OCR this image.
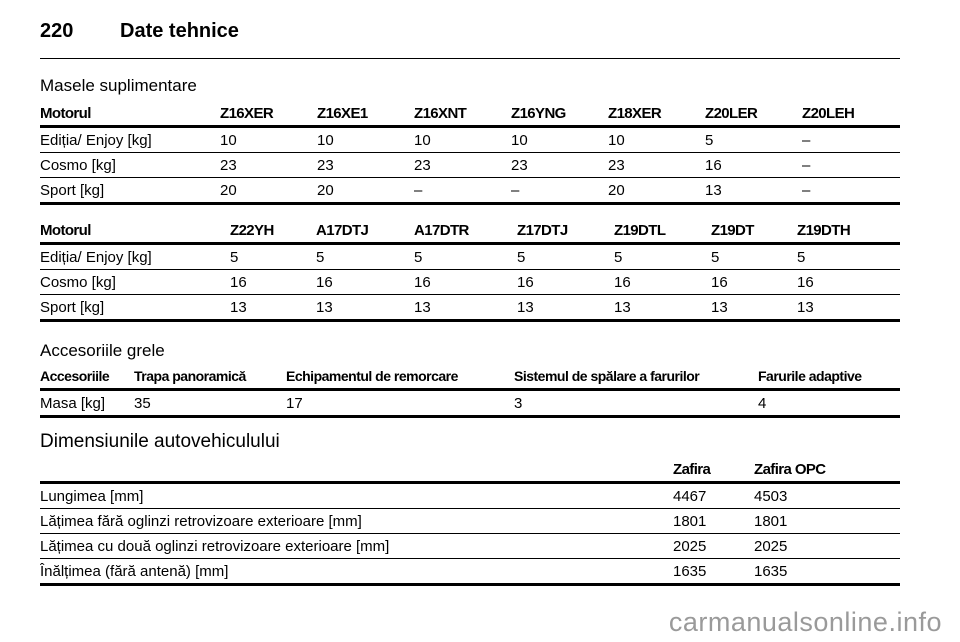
220 Date tehnice
Masele suplimentare
Motorul	Z16XER	Z16XE1	Z16XNT	Z16YNG	Z18XER	Z20LER	Z20LEH
Ediția/ Enjoy [kg]	10	10	10	10	10	5	–
Cosmo [kg]	23	23	23	23	23	16	–
Sport [kg]	20	20	–	–	20	13	–
Motorul	Z22YH	A17DTJ	A17DTR	Z17DTJ	Z19DTL	Z19DT	Z19DTH
Ediția/ Enjoy [kg]	5	5	5	5	5	5	5
Cosmo [kg]	16	16	16	16	16	16	16
Sport [kg]	13	13	13	13	13	13	13
Accesoriile grele
Accesoriile	Trapa panoramică	Echipamentul de remorcare	Sistemul de spălare a farurilor	Farurile adaptive
Masa [kg]	35	17	3	4
Dimensiunile autovehiculului
	Zafira	Zafira OPC
Lungimea [mm]	4467	4503
Lățimea fără oglinzi retrovizoare exterioare [mm]	1801	1801
Lățimea cu două oglinzi retrovizoare exterioare [mm]	2025	2025
Înălțimea (fără antenă) [mm]	1635	1635
carmanualsonline.info
